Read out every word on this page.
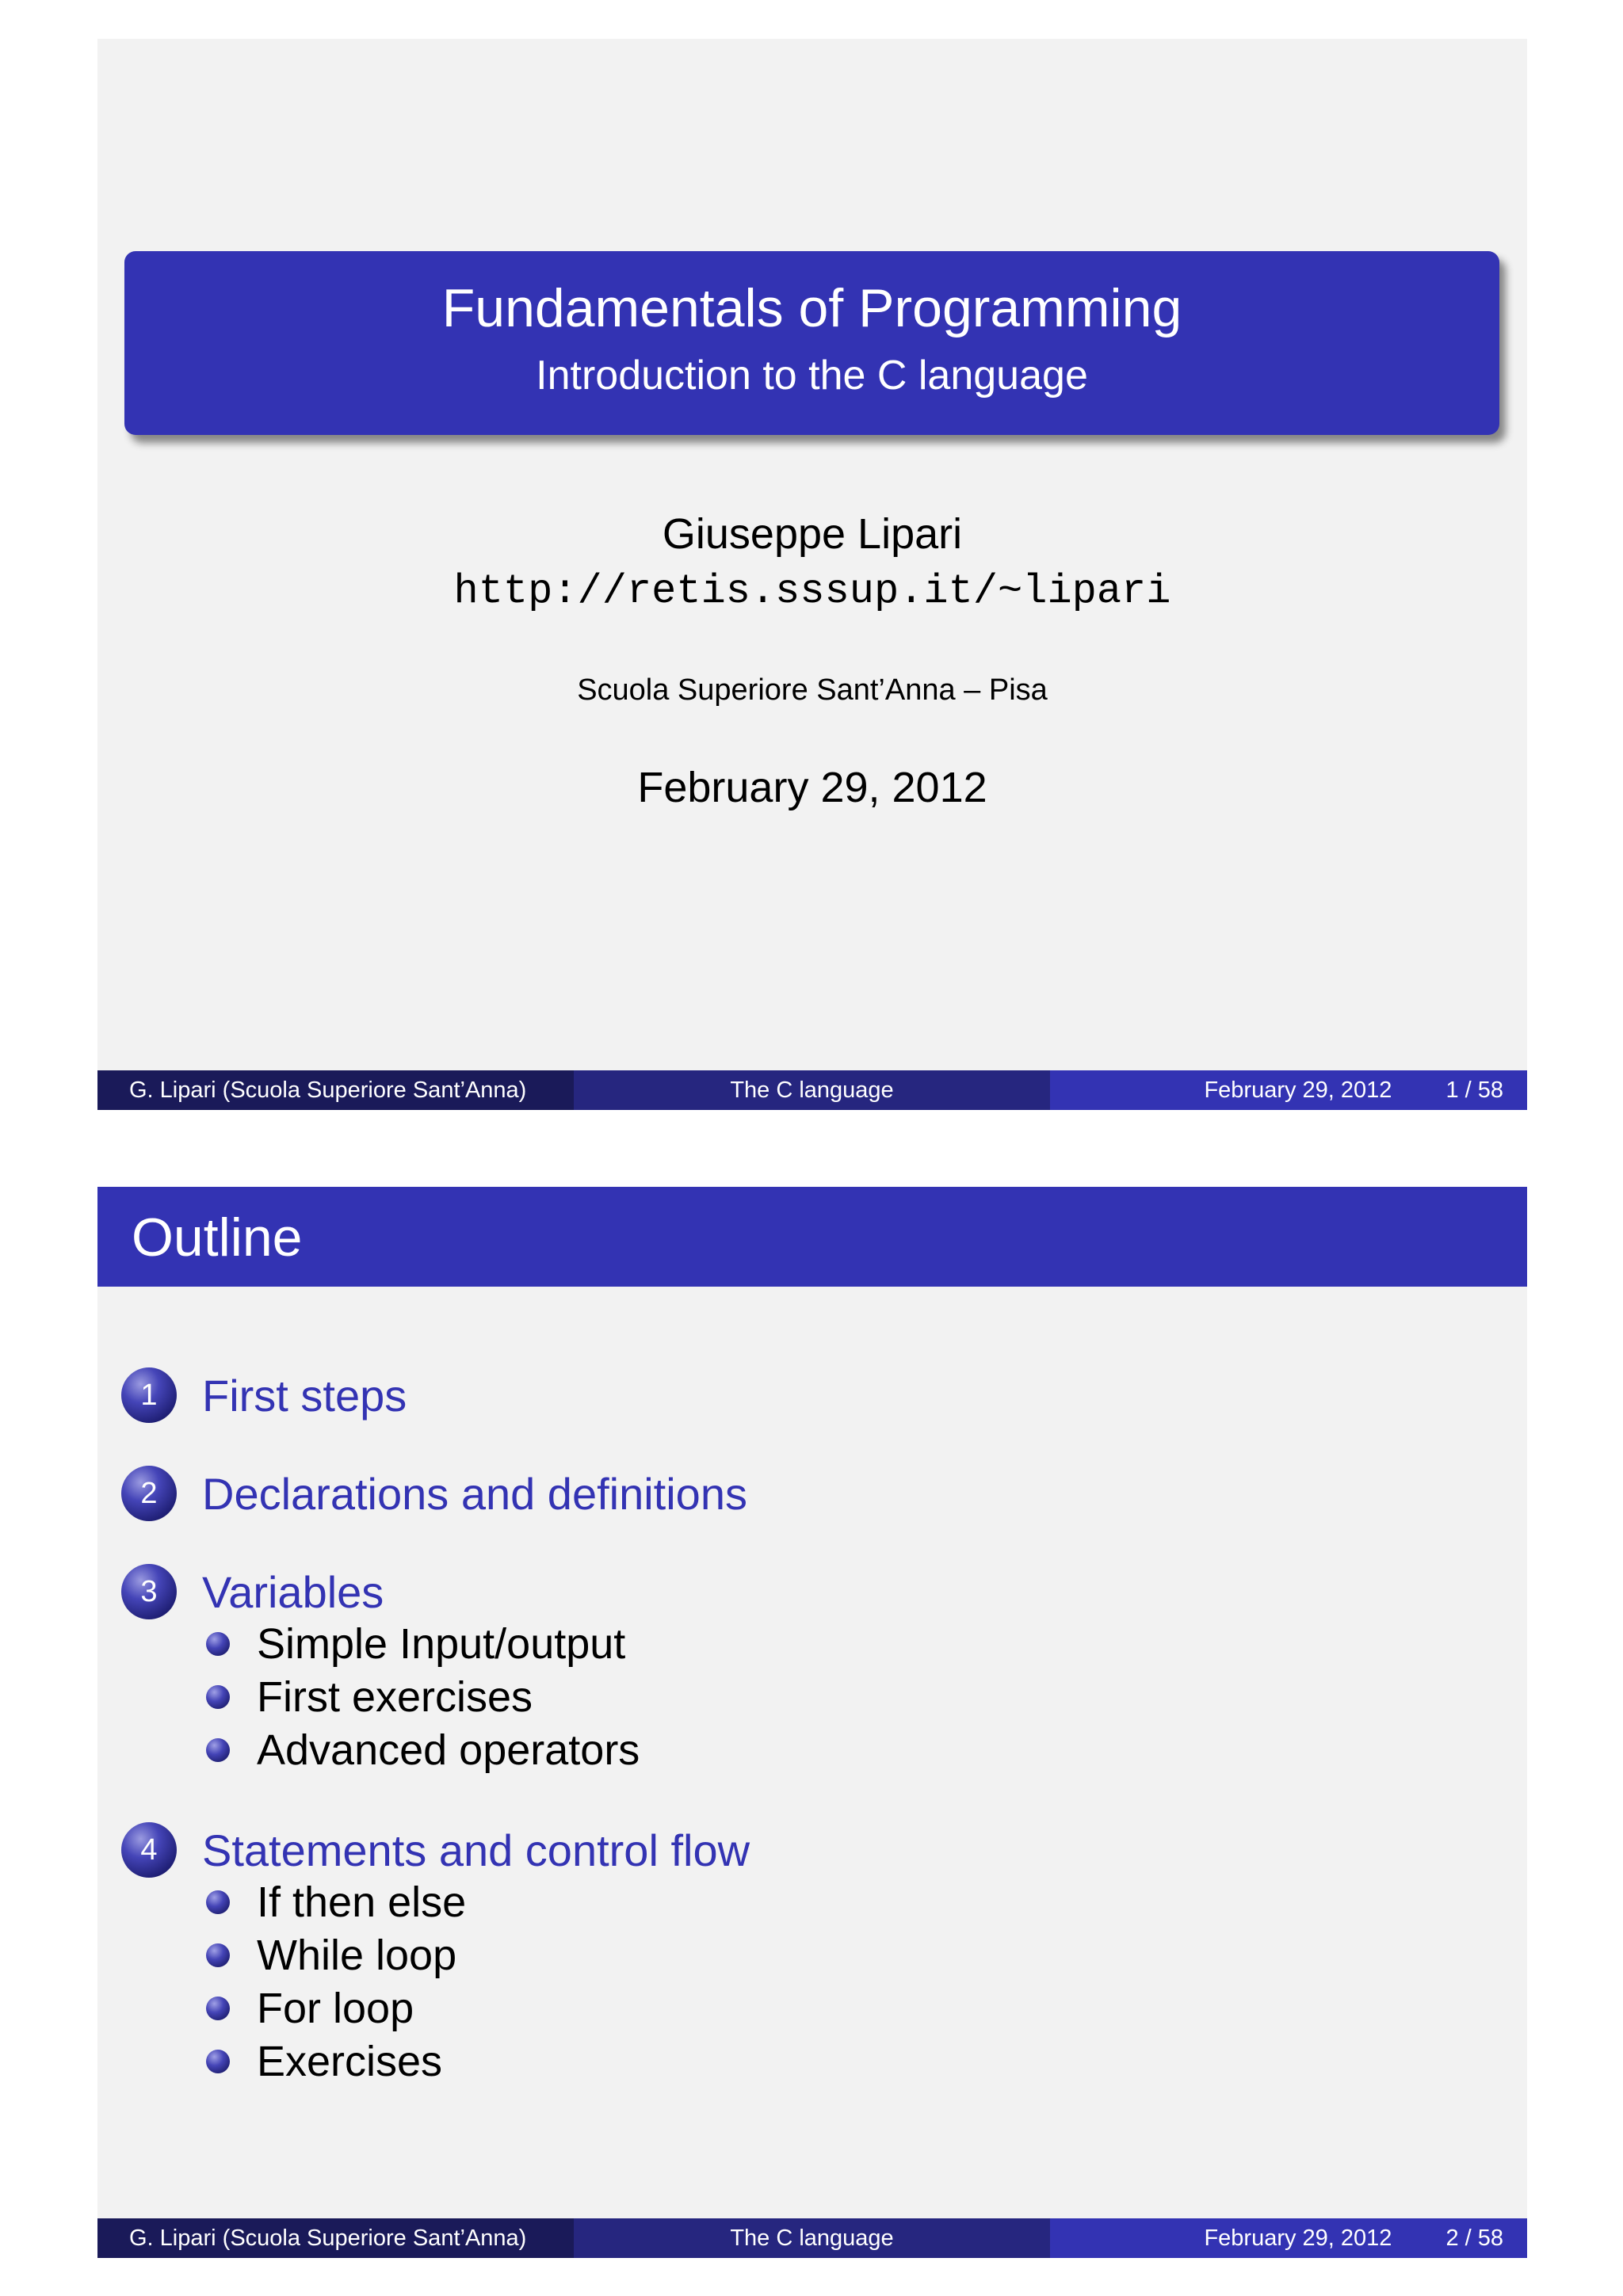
Fundamentals of Programming
Introduction to the C language
Giuseppe Lipari
http://retis.sssup.it/~lipari
Scuola Superiore Sant’Anna – Pisa
February 29, 2012
G. Lipari (Scuola Superiore Sant’Anna)	The C language	February 29, 2012 1 / 58
Outline
1	First steps
2	Declarations and definitions
3	Variables
Simple Input/output
First exercises
Advanced operators
4	Statements and control flow
If then else
While loop
For loop
Exercises
G. Lipari (Scuola Superiore Sant’Anna)	The C language	February 29, 2012 2 / 58
